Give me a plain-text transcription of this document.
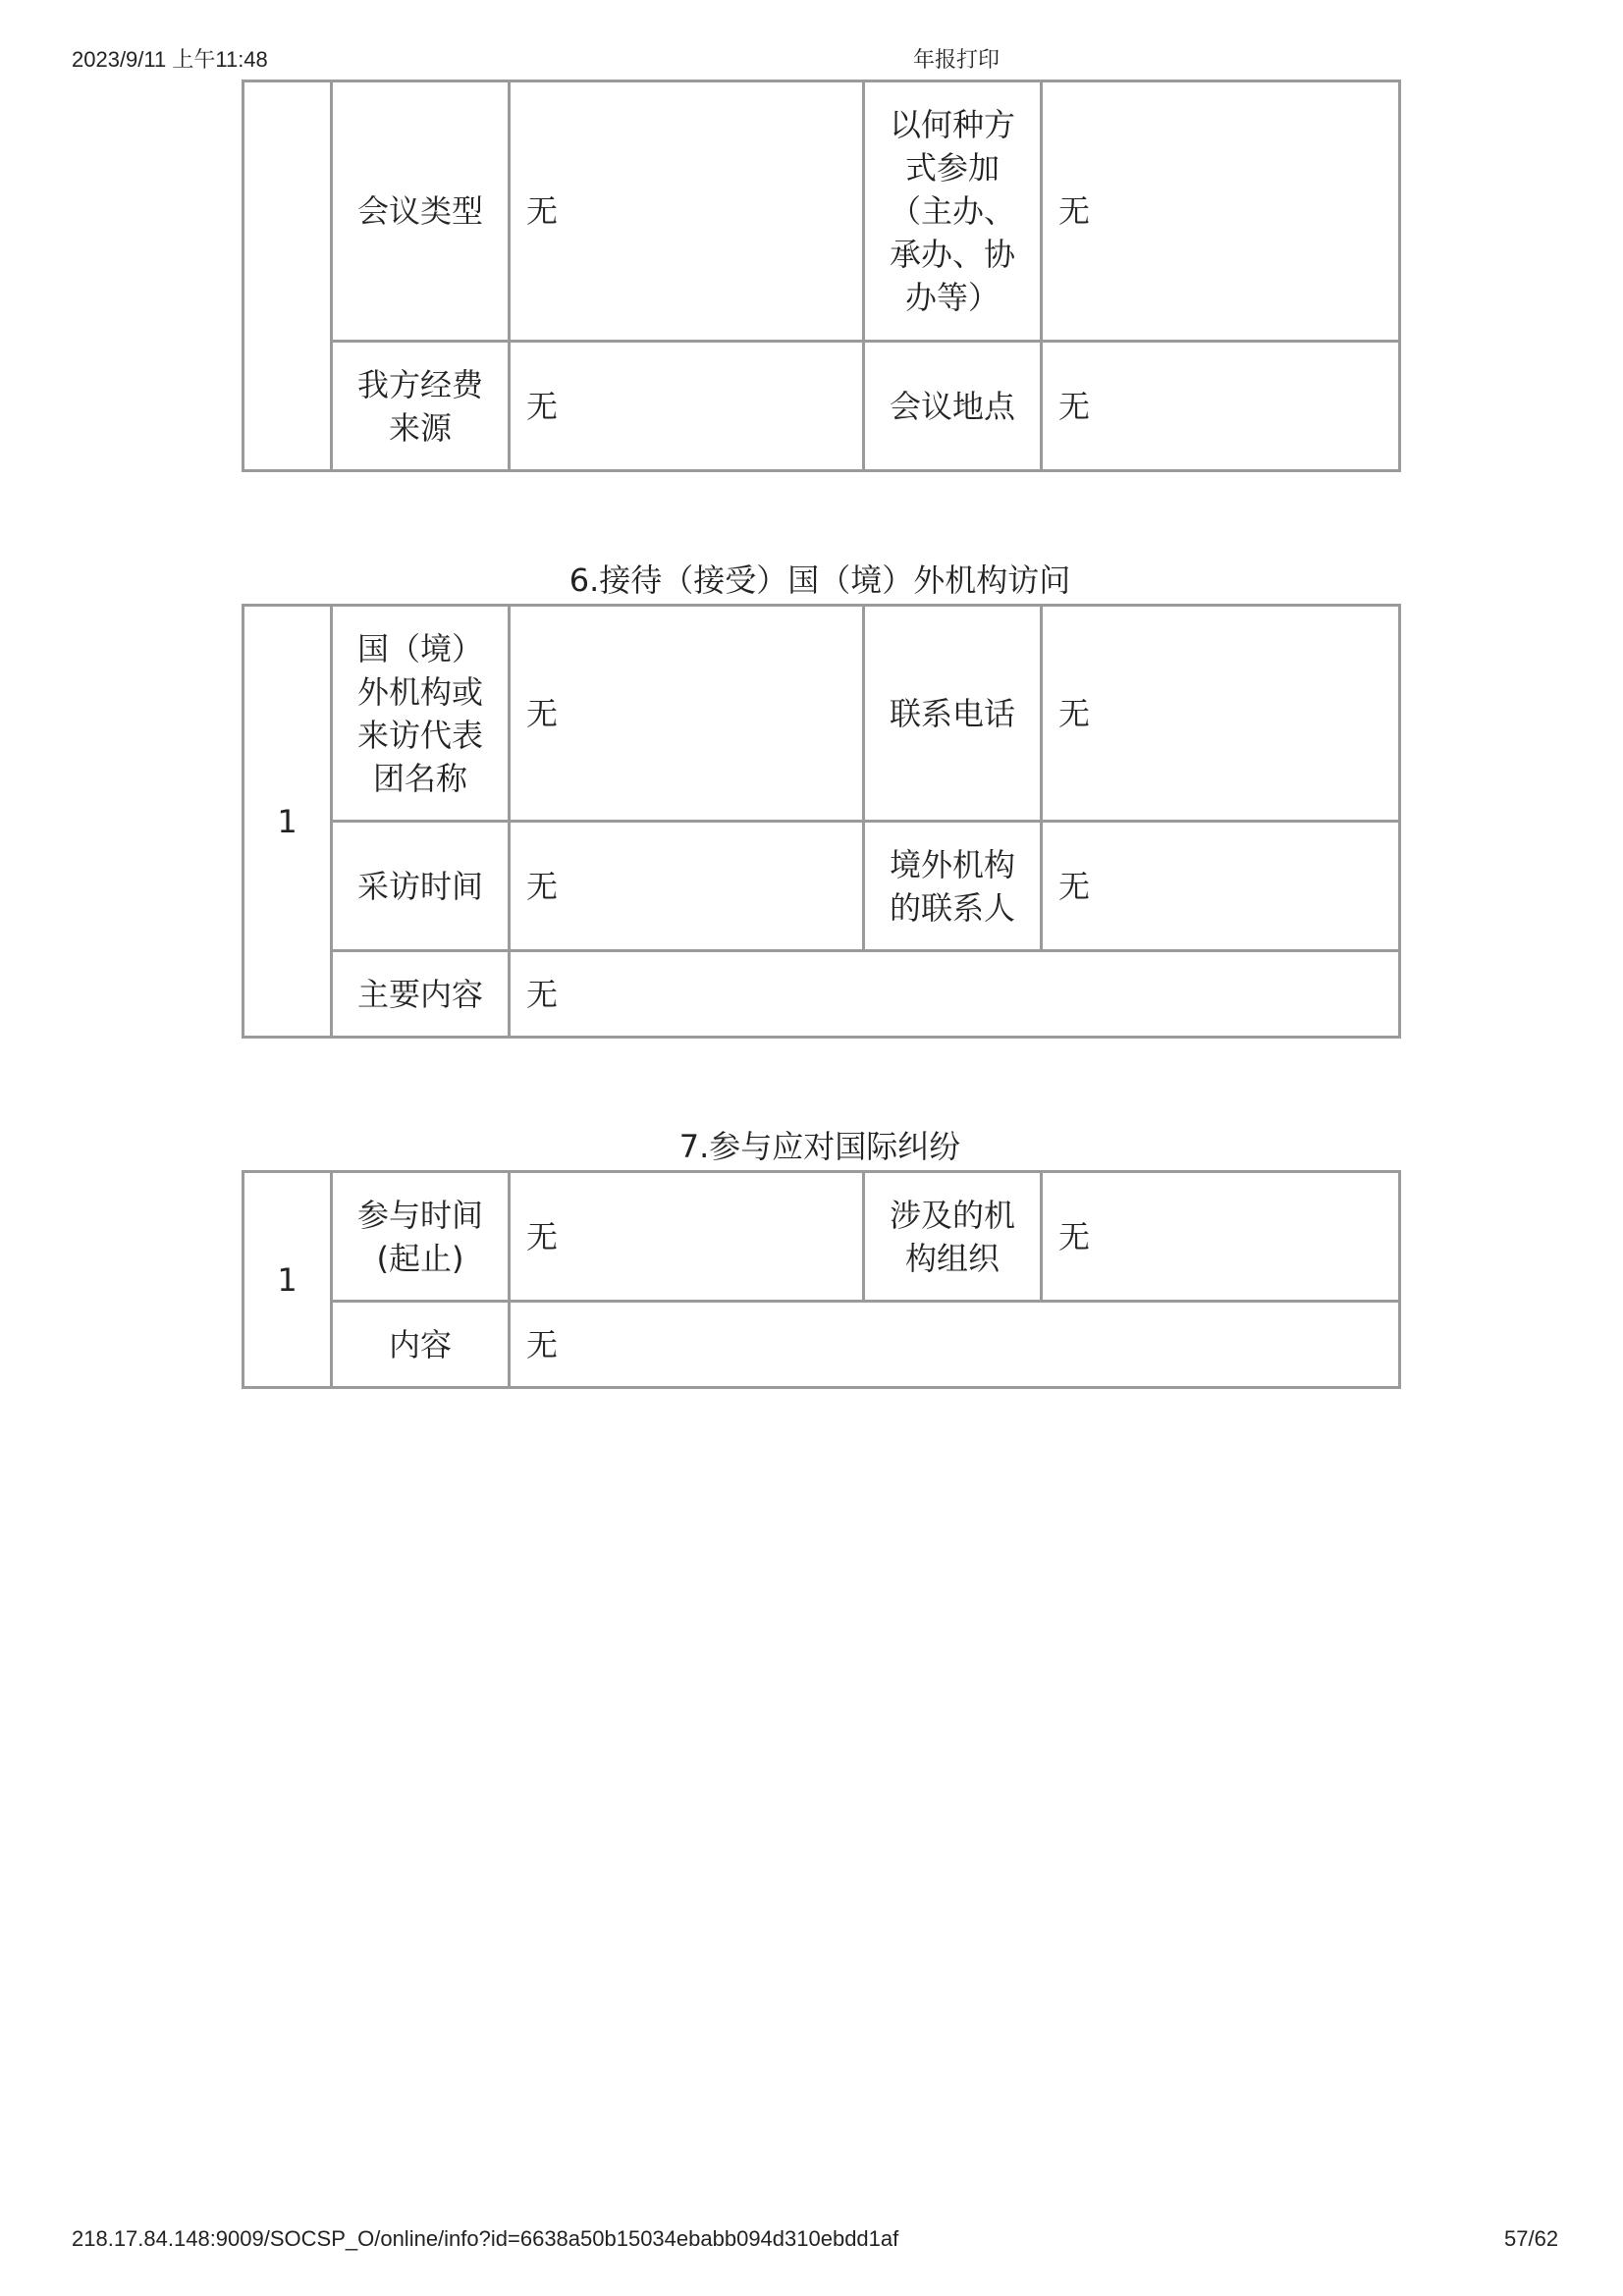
2023/9/11 上午11:48	年报打印
	会议类型	无	以何种方式参加（主办、承办、协办等）	无
	我方经费来源	无	会议地点	无
6.接待（接受）国（境）外机构访问
1	国（境）外机构或来访代表团名称	无	联系电话	无
	采访时间	无	境外机构的联系人	无
	主要内容	无		
7.参与应对国际纠纷
1	参与时间(起止)	无	涉及的机构组织	无
	内容	无		
218.17.84.148:9009/SOCSP_O/online/info?id=6638a50b15034ebabb094d310ebdd1af	57/62
